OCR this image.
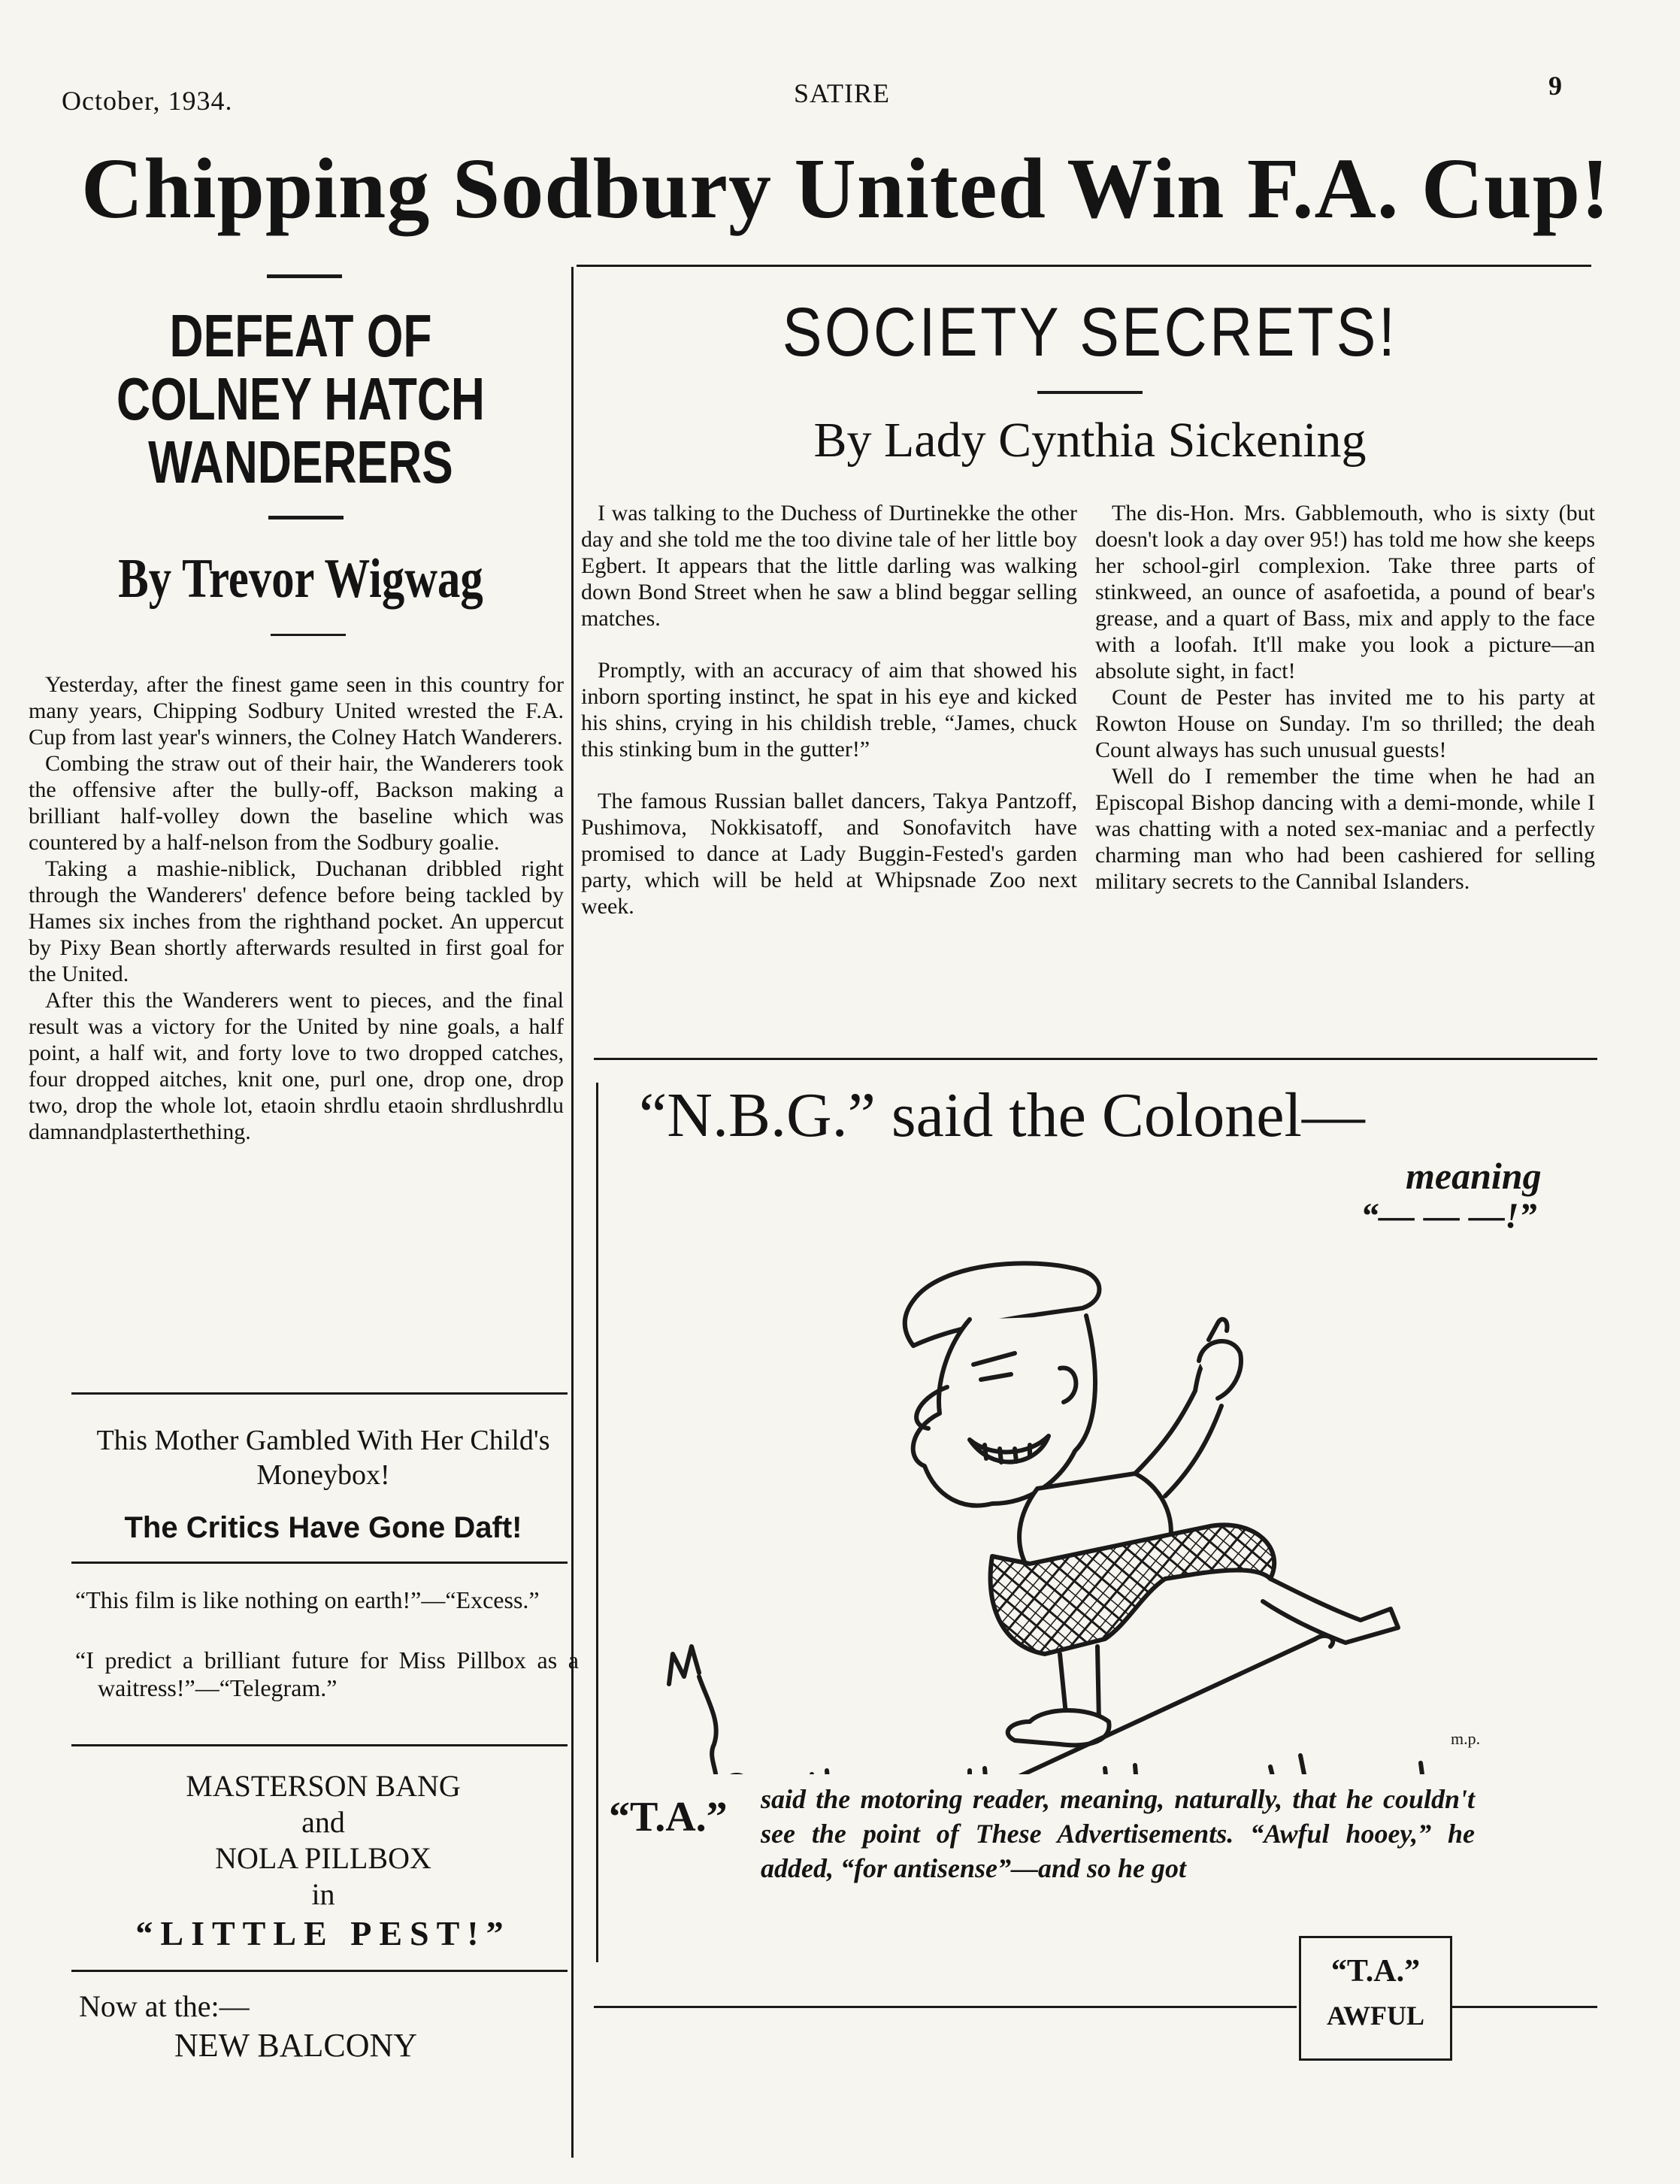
October, 1934.	SATIRE	9
Chipping Sodbury United Win F.A. Cup!
DEFEAT OF
COLNEY HATCH
WANDERERS
By Trevor Wigwag

Yesterday, after the finest game seen in this country for many years, Chipping Sodbury United wrested the F.A. Cup from last year's winners, the Colney Hatch Wanderers.

Combing the straw out of their hair, the Wanderers took the offensive after the bully-off, Backson making a brilliant half-volley down the baseline which was countered by a half-nelson from the Sodbury goalie.

Taking a mashie-niblick, Duchanan dribbled right through the Wanderers' defence before being tackled by Hames six inches from the righthand pocket. An uppercut by Pixy Bean shortly afterwards resulted in first goal for the United.

After this the Wanderers went to pieces, and the final result was a victory for the United by nine goals, a half point, a half wit, and forty love to two dropped catches, four dropped aitches, knit one, purl one, drop one, drop two, drop the whole lot, etaoin shrdlu etaoin shrdlushrdlu damnandplasterthething.

This Mother Gambled With Her Child's Moneybox!
The Critics Have Gone Daft!
“This film is like nothing on earth!”—“Excess.”
“I predict a brilliant future for Miss Pillbox as a waitress!”—“Telegram.”
MASTERSON BANG
and
NOLA PILLBOX
in
“LITTLE PEST!”
Now at the:—
NEW BALCONY
SOCIETY SECRETS!
By Lady Cynthia Sickening

I was talking to the Duchess of Durtinekke the other day and she told me the too divine tale of her little boy Egbert. It appears that the little darling was walking down Bond Street when he saw a blind beggar selling matches.

Promptly, with an accuracy of aim that showed his inborn sporting instinct, he spat in his eye and kicked his shins, crying in his childish treble, “James, chuck this stinking bum in the gutter!”

The famous Russian ballet dancers, Takya Pantzoff, Pushimova, Nokkisatoff, and Sonofavitch have promised to dance at Lady Buggin-Fested's garden party, which will be held at Whipsnade Zoo next week.

The dis-Hon. Mrs. Gabblemouth, who is sixty (but doesn't look a day over 95!) has told me how she keeps her school-girl complexion. Take three parts of stinkweed, an ounce of asafoetida, a pound of bear's grease, and a quart of Bass, mix and apply to the face with a loofah. It'll make you look a picture—an absolute sight, in fact!

Count de Pester has invited me to his party at Rowton House on Sunday. I'm so thrilled; the deah Count always has such unusual guests!

Well do I remember the time when he had an Episcopal Bishop dancing with a demi-monde, while I was chatting with a noted sex-maniac and a perfectly charming man who had been cashiered for selling military secrets to the Cannibal Islanders.

“N.B.G.” said the Colonel—
meaning
“— — —!”
m.p.
“T.A.” said the motoring reader, meaning, naturally, that he couldn't see the point of These Advertisements. “Awful hooey,” he added, “for antisense”—and so he got
“T.A.”
AWFUL
